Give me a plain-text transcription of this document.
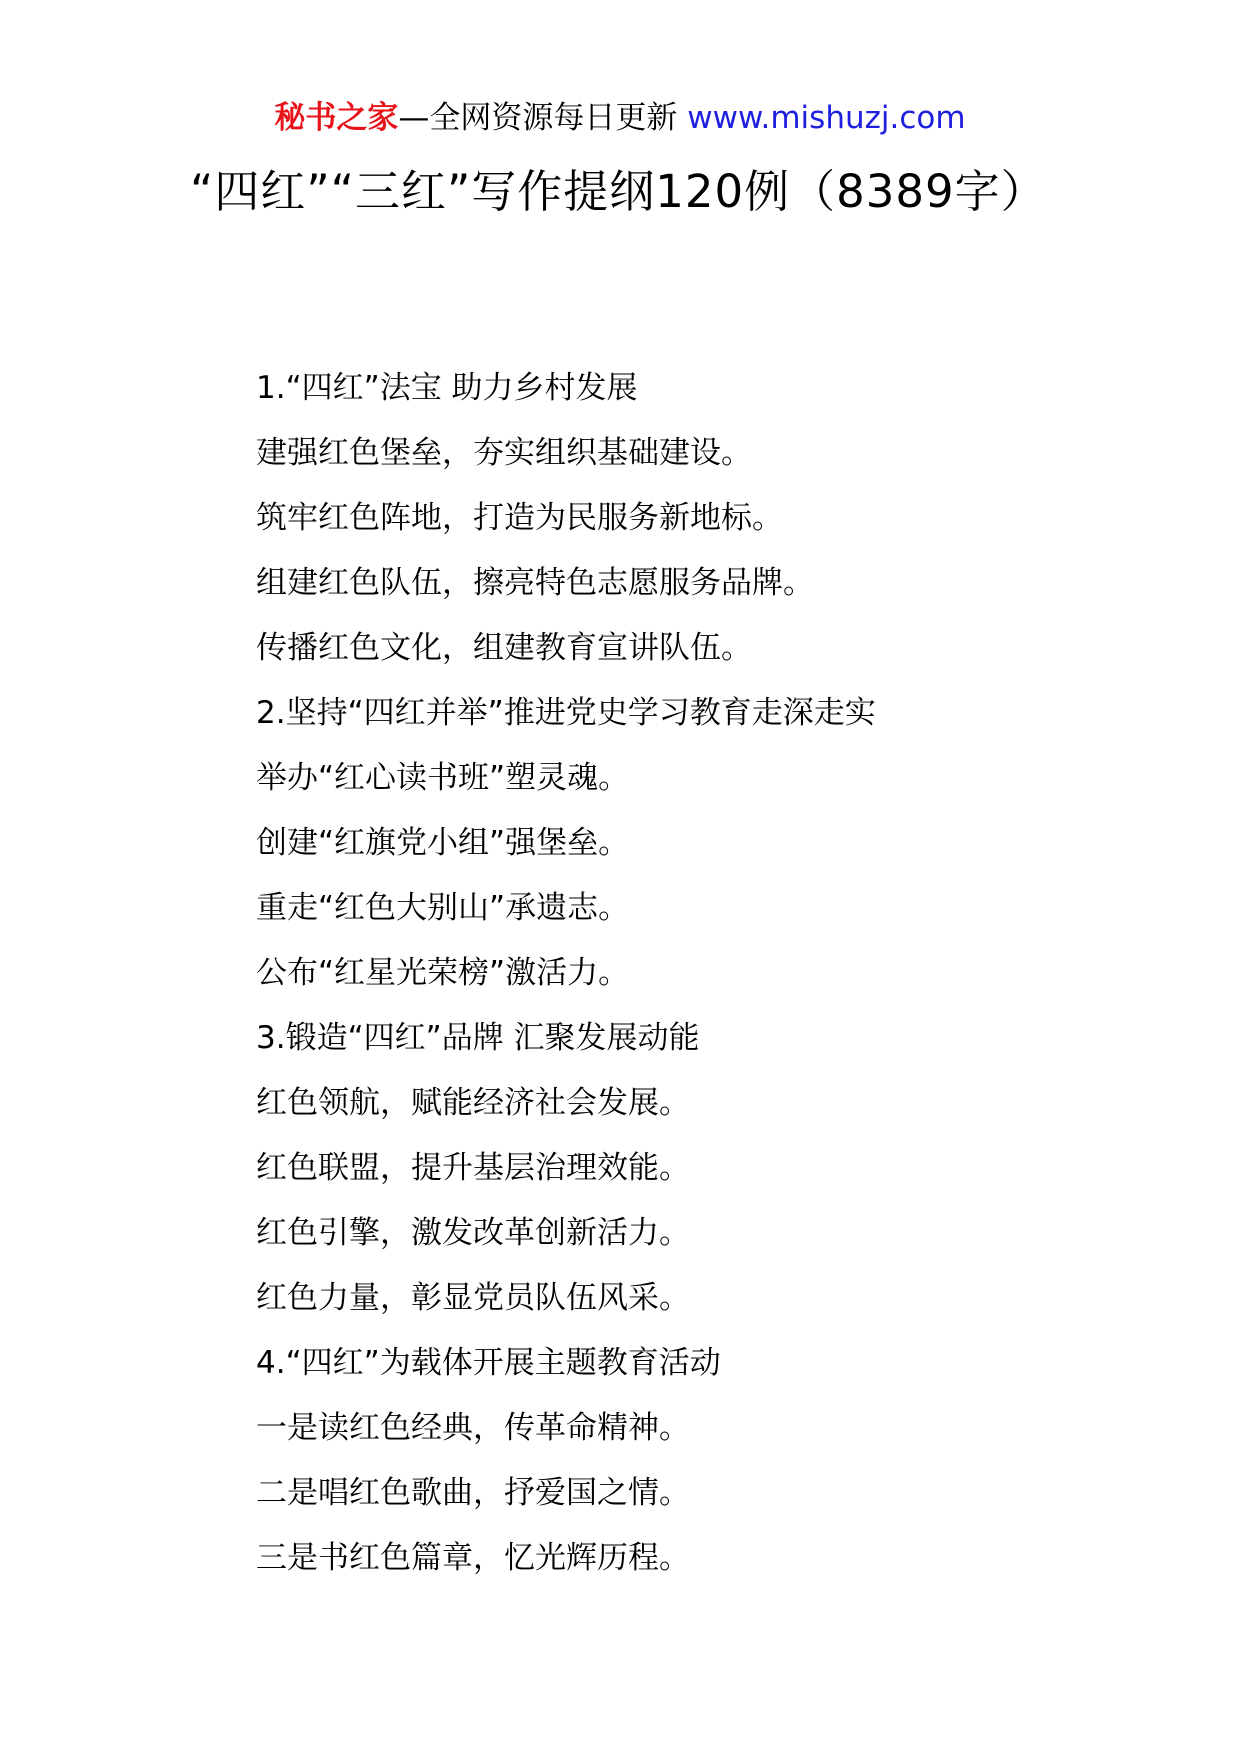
秘书之家—全网资源每日更新 www.mishuzj.com
“四红”“三红”写作提纲120例（8389字）
1.“四红”法宝 助力乡村发展
建强红色堡垒，夯实组织基础建设。
筑牢红色阵地，打造为民服务新地标。
组建红色队伍，擦亮特色志愿服务品牌。
传播红色文化，组建教育宣讲队伍。
2.坚持“四红并举”推进党史学习教育走深走实
举办“红心读书班”塑灵魂。
创建“红旗党小组”强堡垒。
重走“红色大别山”承遗志。
公布“红星光荣榜”激活力。
3.锻造“四红”品牌 汇聚发展动能
红色领航，赋能经济社会发展。
红色联盟，提升基层治理效能。
红色引擎，激发改革创新活力。
红色力量，彰显党员队伍风采。
4.“四红”为载体开展主题教育活动
一是读红色经典，传革命精神。
二是唱红色歌曲，抒爱国之情。
三是书红色篇章，忆光辉历程。
